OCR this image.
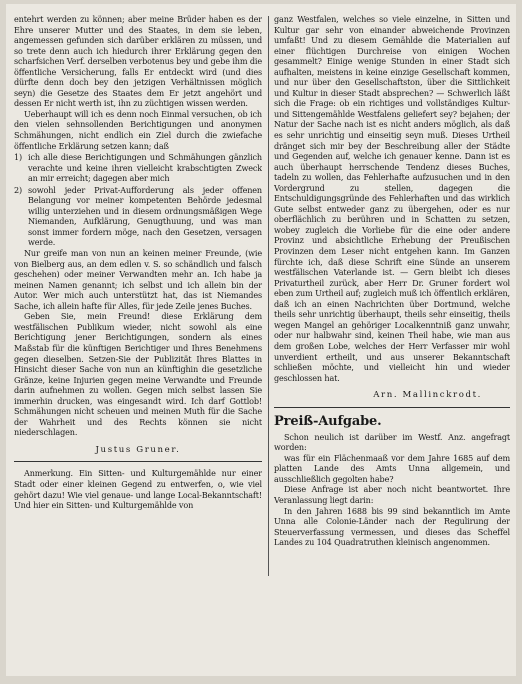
entehrt werden zu können; aber meine Brüder haben es der Ehre unserer Mutter und des Staates, in dem sie leben, angemessen gefunden sich darüber erklären zu müssen, und so trete denn auch ich hiedurch ihrer Erklärung gegen den scharfsichen Verf. derselben verbotenus bey und gebe ihm die öffentliche Versicherung, falls Er entdeckt wird (und dies dürfte denn doch bey den jetzigen Verhältnissen möglich seyn) die Gesetze des Staates dem Er jetzt angehört und dessen Er nicht werth ist, ihn zu züchtigen wissen werden.

Ueberhaupt will ich es denn noch Einmal versuchen, ob ich den vielen sehnsollenden Berichtigungen und anonymen Schmähungen, nicht endlich ein Ziel durch die zwiefache öffentliche Erklärung setzen kann; daß

1) ich alle diese Berichtigungen und Schmähungen gänzlich verachte und keine ihren vielleicht krabschtigten Zweck an mir erreicht; dagegen aber mich
2) sowohl jeder Privat-Aufforderung als jeder offenen Belangung vor meiner kompetenten Behörde jedesmal willig unterziehen und in diesem ordnungsmäßigen Wege Niemanden, Aufklärung, Genugthuung, und was man sonst immer fordern möge, nach den Gesetzen, versagen werde.

Nur greife man von nun an keinen meiner Freunde, (wie von Bielberg aus, an dem edlen v. S. so schändlich und falsch geschehen) oder meiner Verwandten mehr an. Ich habe ja meinen Namen genannt; ich selbst und ich allein bin der Autor. Wer mich auch unterstützt hat, das ist Niemandes Sache, ich allein hafte für Alles, für jede Zeile jenes Buches.

Geben Sie, mein Freund! diese Erklärung dem westfälischen Publikum wieder, nicht sowohl als eine Berichtigung jener Berichtigungen, sondern als eines Maßstab für die künftigen Berichtiger und Ihres Benehmens gegen dieselben. Setzen-Sie der Publizität Ihres Blattes in Hinsicht dieser Sache von nun an künftighin die gesetzliche Gränze, keine Injurien gegen meine Verwandte und Freunde darin aufnehmen zu wollen. Gegen mich selbst lassen Sie immerhin drucken, was eingesandt wird. Ich darf Gottlob! Schmähungen nicht scheuen und meinen Muth für die Sache der Wahrheit und des Rechts können sie nicht niederschlagen.

Justus Gruner.

Anmerkung. Ein Sitten- und Kulturgemählde nur einer Stadt oder einer kleinen Gegend zu entwerfen, o, wie viel gehört dazu! Wie viel genaue- und lange Local-Bekanntschaft! Und hier ein Sitten- und Kulturgemählde von

ganz Westfalen, welches so viele einzelne, in Sitten und Kultur gar sehr von einander abweichende Provinzen umfaßt! Und zu diesem Gemählde die Materialien auf einer flüchtigen Durchreise von einigen Wochen gesammelt? Einige wenige Stunden in einer Stadt sich aufhalten, meistens in keine einzige Gesellschaft kommen, und nur über den Gesellschaftston, über die Sittlichkeit und Kultur in dieser Stadt absprechen? — Schwerlich läßt sich die Frage: ob ein richtiges und vollständiges Kultur- und Sittengemählde Westfalens geliefert sey? bejahen; der Natur der Sache nach ist es nicht anders möglich, als daß es sehr unrichtig und einseitig seyn muß. Dieses Urtheil dränget sich mir bey der Beschreibung aller der Städte und Gegenden auf, welche ich genauer kenne. Dann ist es auch überhaupt herrschende Tendenz dieses Buches, tadeln zu wollen, das Fehlerhafte aufzusuchen und in den Vordergrund zu stellen, dagegen die Entschuldigungsgründe des Fehlerhaften und das wirklich Gute selbst entweder ganz zu übergehen, oder es nur oberflächlich zu berühren und in Schatten zu setzen, wobey zugleich die Vorliebe für die eine oder andere Provinz und absichtliche Erhebung der Preußischen Provinzen dem Leser nicht entgehen kann. Im Ganzen fürchte ich, daß diese Schrift eine Sünde an unserem westfälischen Vaterlande ist. — Gern bleibt ich dieses Privaturtheil zurück, aber Herr Dr. Gruner fordert wol eben zum Urtheil auf; zugleich muß ich öffentlich erklären, daß ich an einen Nachrichten über Dortmund, welche theils sehr unrichtig überhaupt, theils sehr einseitig, theils wegen Mangel an gehöriger Localkenntniß ganz unwahr, oder nur halbwahr sind, keinen Theil habe, wie man aus dem großen Lobe, welches der Herr Verfasser mir wohl unverdient ertheilt, und aus unserer Bekanntschaft schließen möchte, und vielleicht hin und wieder geschlossen hat.

Arn. Mallinckrodt.
Preiß-Aufgabe.

Schon neulich ist darüber im Westf. Anz. angefragt worden:

was für ein Flächenmaaß vor dem Jahre 1685 auf dem platten Lande des Amts Unna allgemein, und ausschließlich gegolten habe?

Diese Anfrage ist aber noch nicht beantwortet. Ihre Veranlassung liegt darin:

In den Jahren 1688 bis 99 sind bekanntlich im Amte Unna alle Colonie-Länder nach der Regulirung der Steuerverfassung vermessen, und dieses das Scheffel Landes zu 104 Quadratruthen kleinisch angenommen.
